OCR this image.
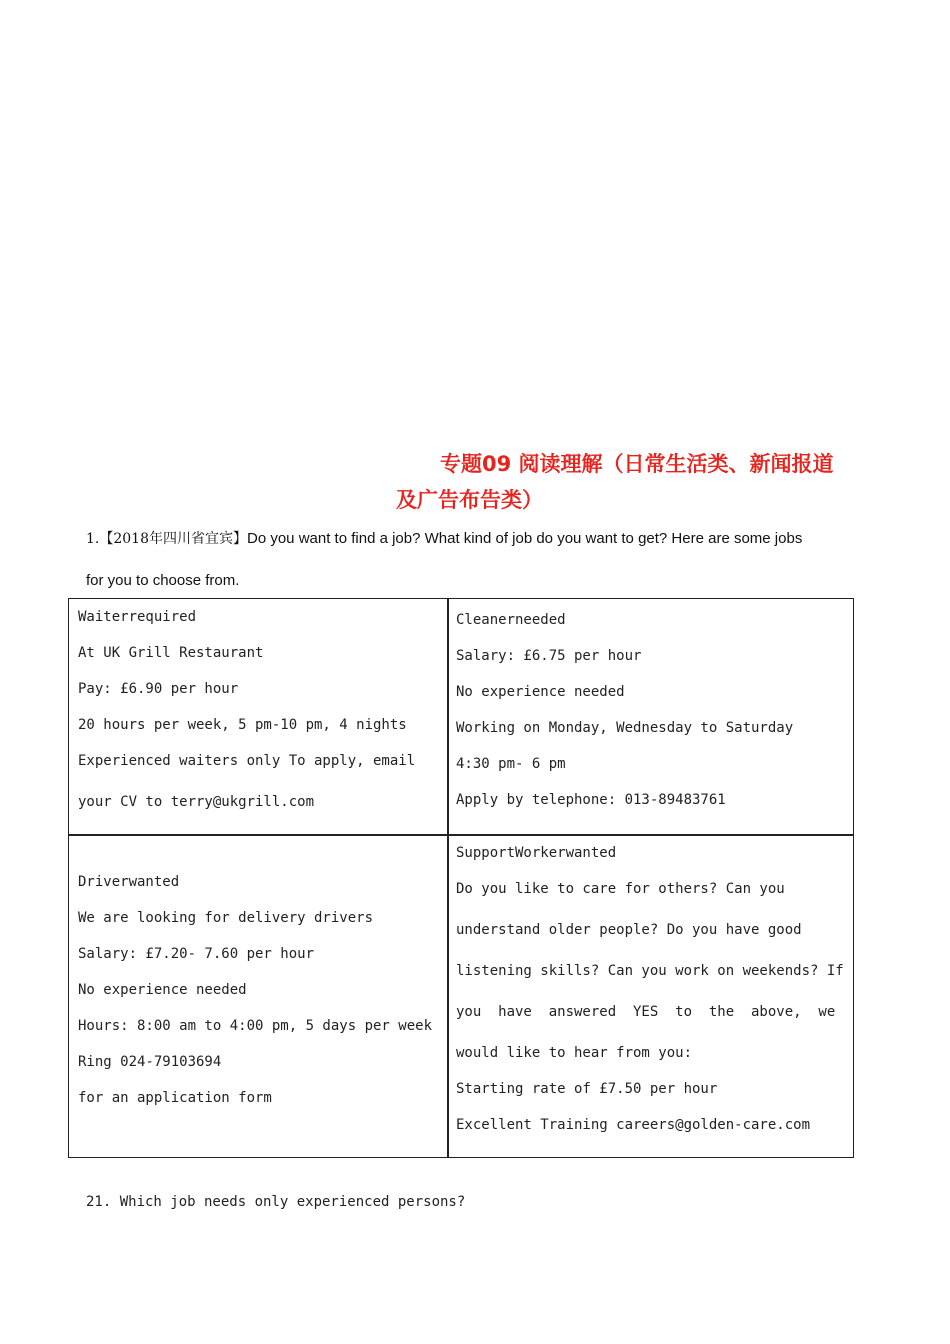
专题09 阅读理解（日常生活类、新闻报道
及广告布告类）
1.【2018年四川省宜宾】Do you want to find a job? What kind of job do you want to get? Here are some jobs
for you to choose from.
Waiterrequired
At UK Grill Restaurant
Pay: £6.90 per hour
20 hours per week, 5 pm-10 pm, 4 nights
Experienced waiters only To apply, email
your CV to terry@ukgrill.com
Cleanerneeded
Salary: £6.75 per hour
No experience needed
Working on Monday, Wednesday to Saturday
4:30 pm- 6 pm
Apply by telephone: 013-89483761
Driverwanted
We are looking for delivery drivers
Salary: £7.20- 7.60 per hour
No experience needed
Hours: 8:00 am to 4:00 pm, 5 days per week
Ring 024-79103694
for an application form
SupportWorkerwanted
Do you like to care for others? Can you
understand older people? Do you have good
listening skills? Can you work on weekends? If
you  have  answered  YES  to  the  above,  we
would like to hear from you:
Starting rate of £7.50 per hour
Excellent Training careers@golden-care.com
21. Which job needs only experienced persons?
